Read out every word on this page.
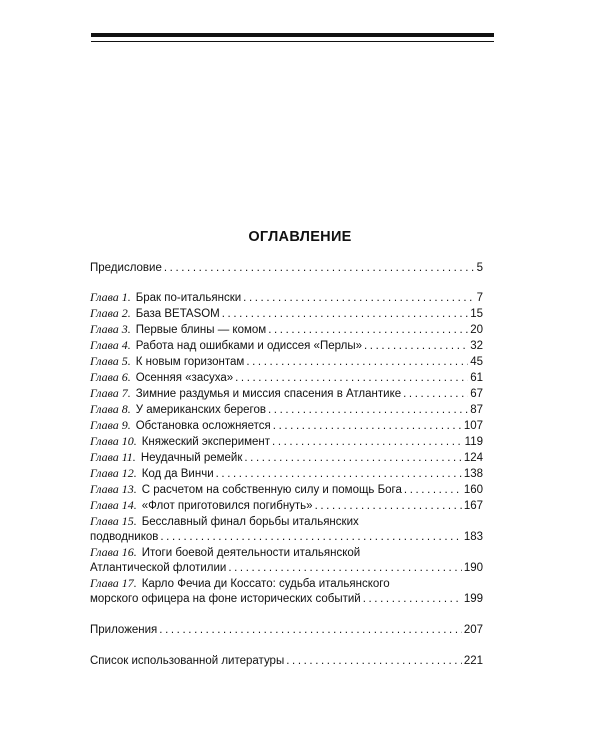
ОГЛАВЛЕНИЕ
Предисловие .....	5
Глава 1. Брак по-итальянски .....	7
Глава 2. База BETASOM .....	15
Глава 3. Первые блины — комом .....	20
Глава 4. Работа над ошибками и одиссея «Перлы» .....	32
Глава 5. К новым горизонтам .....	45
Глава 6. Осенняя «засуха» .....	61
Глава 7. Зимние раздумья и миссия спасения в Атлантике .....	67
Глава 8. У американских берегов .....	87
Глава 9. Обстановка осложняется .....	107
Глава 10. Княжеский эксперимент .....	119
Глава 11. Неудачный ремейк .....	124
Глава 12. Код да Винчи .....	138
Глава 13. С расчетом на собственную силу и помощь Бога .....	160
Глава 14. «Флот приготовился погибнуть» .....	167
Глава 15. Бесславный финал борьбы итальянских
подводников .....	183
Глава 16. Итоги боевой деятельности итальянской
Атлантической флотилии .....	190
Глава 17. Карло Фечиа ди Коссато: судьба итальянского
морского офицера на фоне исторических событий .....	199
Приложения .....	207
Список использованной литературы .....	221
